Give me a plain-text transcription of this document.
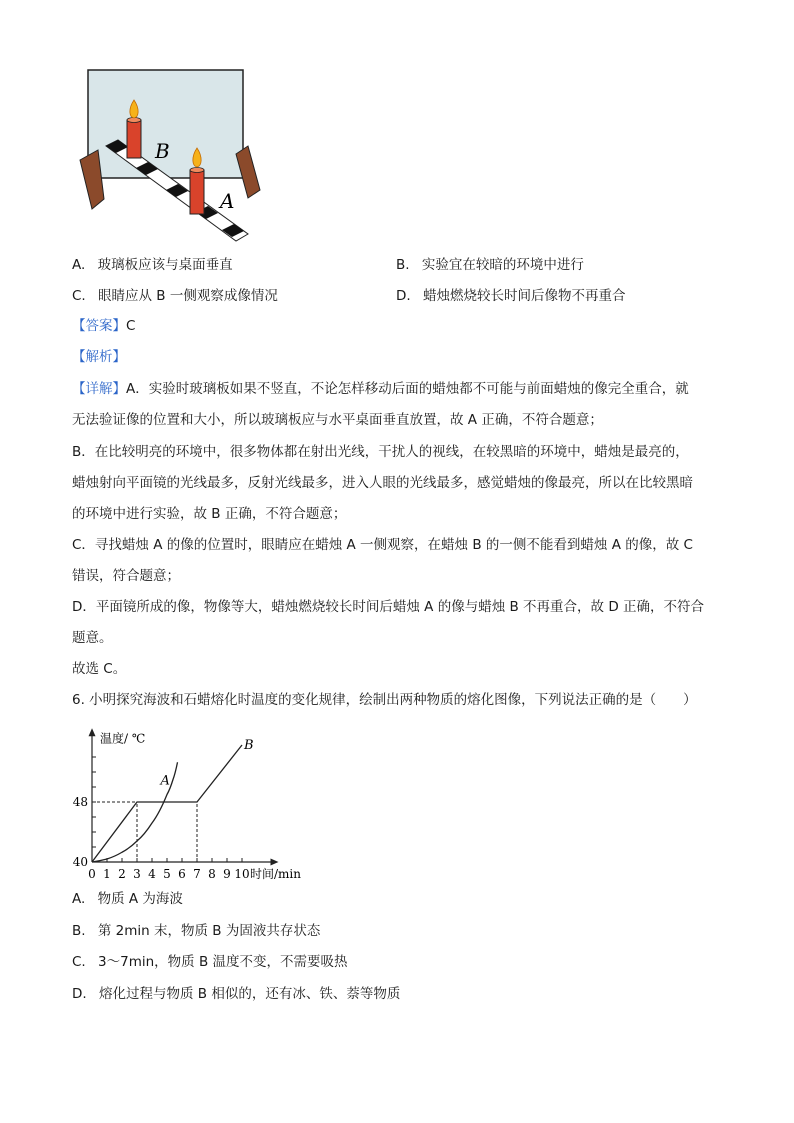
B
A
A. 玻璃板应该与桌面垂直	B. 实验宜在较暗的环境中进行
C. 眼睛应从 B 一侧观察成像情况	D. 蜡烛燃烧较长时间后像物不再重合
【答案】C
【解析】
【详解】A．实验时玻璃板如果不竖直，不论怎样移动后面的蜡烛都不可能与前面蜡烛的像完全重合，就
无法验证像的位置和大小，所以玻璃板应与水平桌面垂直放置，故 A 正确，不符合题意；
B．在比较明亮的环境中，很多物体都在射出光线，干扰人的视线，在较黑暗的环境中，蜡烛是最亮的，
蜡烛射向平面镜的光线最多，反射光线最多，进入人眼的光线最多，感觉蜡烛的像最亮，所以在比较黑暗
的环境中进行实验，故 B 正确，不符合题意；
C．寻找蜡烛 A 的像的位置时，眼睛应在蜡烛 A 一侧观察，在蜡烛 B 的一侧不能看到蜡烛 A 的像，故 C
错误，符合题意；
D．平面镜所成的像，物像等大，蜡烛燃烧较长时间后蜡烛 A 的像与蜡烛 B 不再重合，故 D 正确，不符合
题意。
故选 C。
6. 小明探究海波和石蜡熔化时温度的变化规律，绘制出两种物质的熔化图像，下列说法正确的是（　　）
0 1 2 3 4 5 6 7 8 9 10
40
48
温度/ ℃
时间/min
A
B
A. 物质 A 为海波
B. 第 2min 末，物质 B 为固液共存状态
C. 3～7min，物质 B 温度不变，不需要吸热
D. 熔化过程与物质 B 相似的，还有冰、铁、萘等物质
